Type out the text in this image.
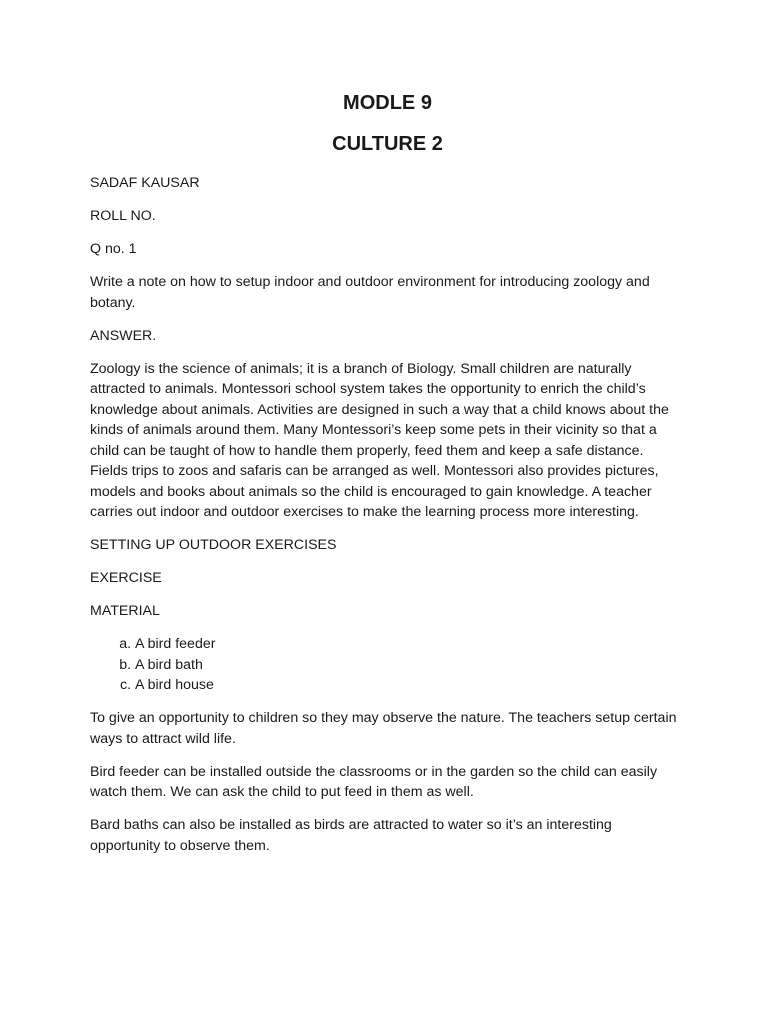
MODLE 9
CULTURE 2

SADAF KAUSAR

ROLL NO.

Q no. 1

Write a note on how to setup indoor and outdoor environment for introducing zoology and botany.

ANSWER.

Zoology is the science of animals; it is a branch of Biology. Small children are naturally attracted to animals. Montessori school system takes the opportunity to enrich the child’s knowledge about animals. Activities are designed in such a way that a child knows about the kinds of animals around them. Many Montessori’s keep some pets in their vicinity so that a child can be taught of how to handle them properly, feed them and keep a safe distance. Fields trips to zoos and safaris can be arranged as well. Montessori also provides pictures, models and books about animals so the child is encouraged to gain knowledge. A teacher carries out indoor and outdoor exercises to make the learning process more interesting.

SETTING UP OUTDOOR EXERCISES

EXERCISE

MATERIAL

a. A bird feeder
b. A bird bath
c. A bird house

To give an opportunity to children so they may observe the nature. The teachers setup certain ways to attract wild life.

Bird feeder can be installed outside the classrooms or in the garden so the child can easily watch them. We can ask the child to put feed in them as well.

Bard baths can also be installed as birds are attracted to water so it’s an interesting opportunity to observe them.
